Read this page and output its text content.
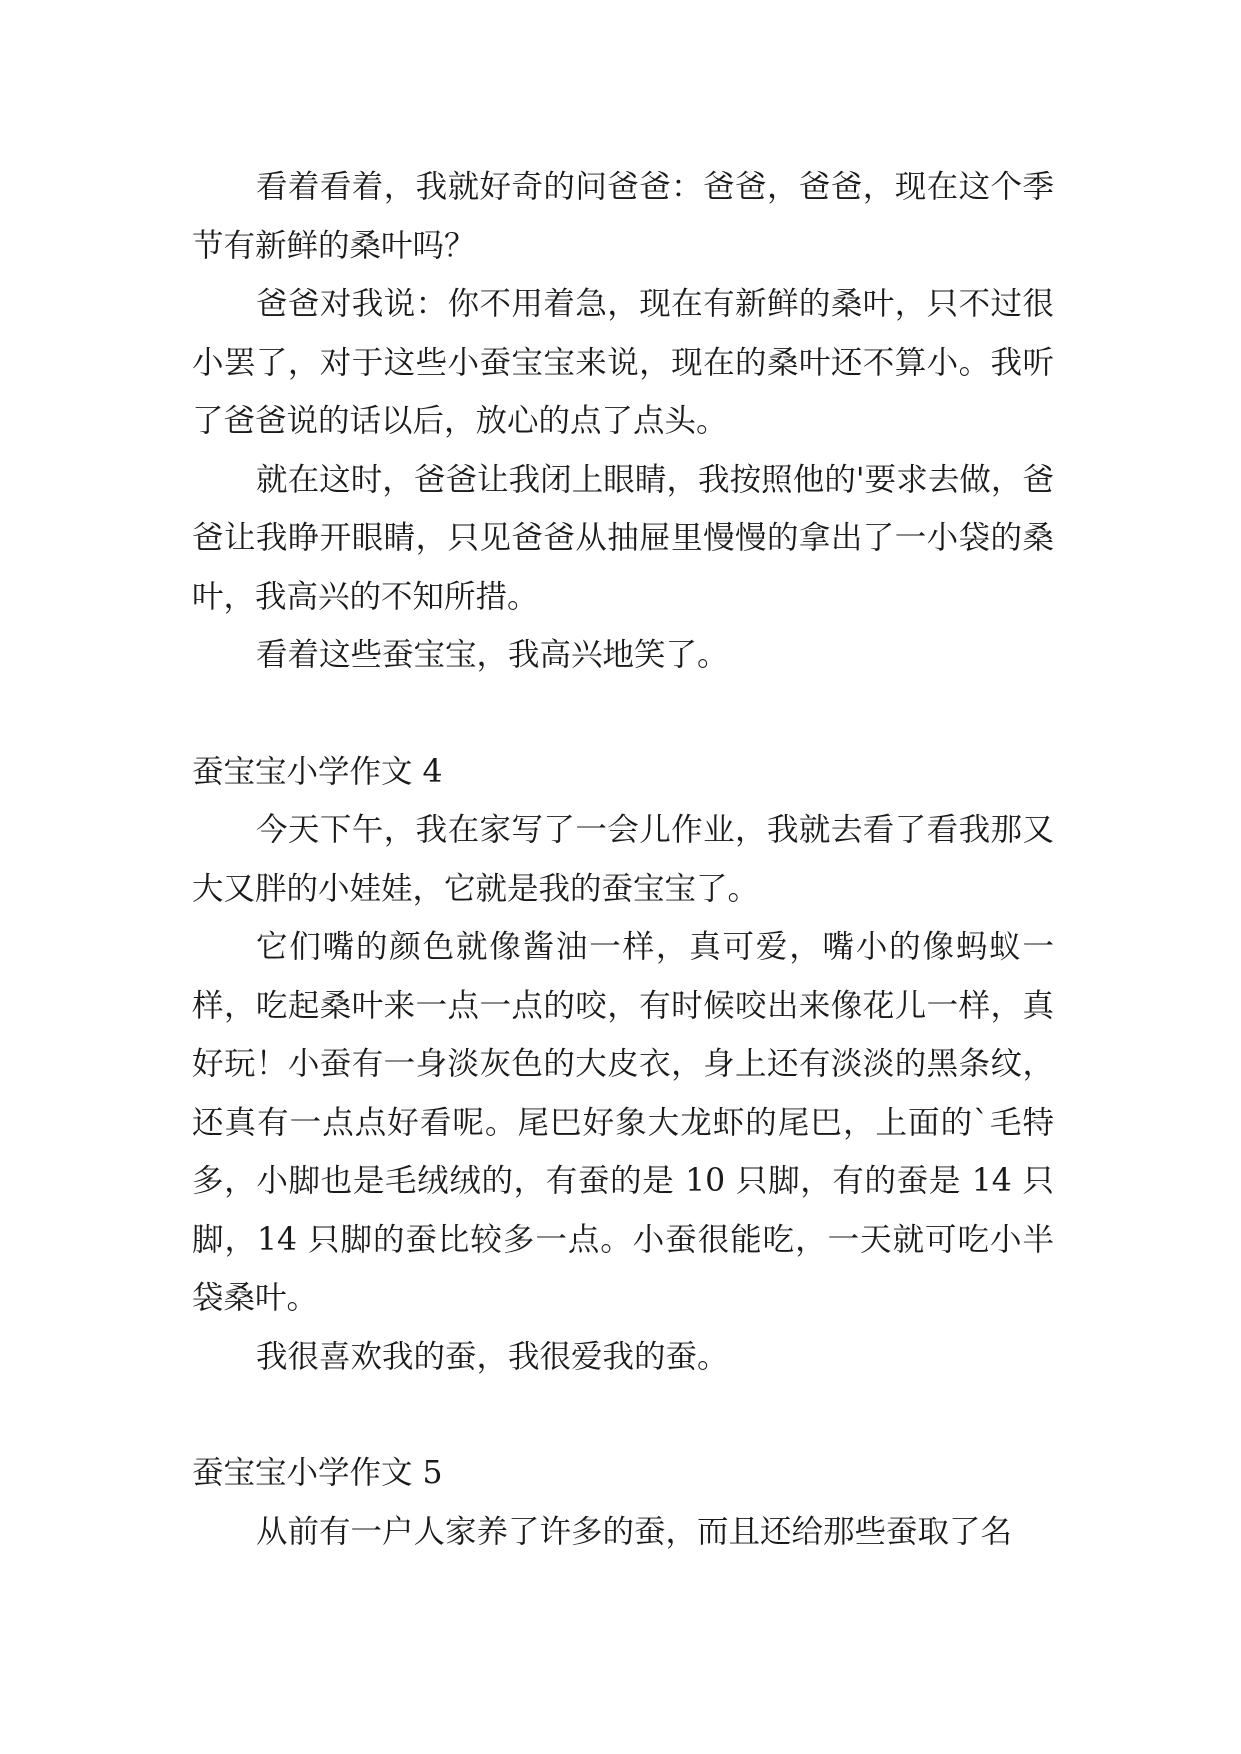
看着看着，我就好奇的问爸爸：爸爸，爸爸，现在这个季节有新鲜的桑叶吗？

爸爸对我说：你不用着急，现在有新鲜的桑叶，只不过很小罢了，对于这些小蚕宝宝来说，现在的桑叶还不算小。我听了爸爸说的话以后，放心的点了点头。

就在这时，爸爸让我闭上眼睛，我按照他的'要求去做，爸爸让我睁开眼睛，只见爸爸从抽屉里慢慢的拿出了一小袋的桑叶，我高兴的不知所措。

看着这些蚕宝宝，我高兴地笑了。

蚕宝宝小学作文 4

今天下午，我在家写了一会儿作业，我就去看了看我那又大又胖的小娃娃，它就是我的蚕宝宝了。

它们嘴的颜色就像酱油一样，真可爱，嘴小的像蚂蚁一样，吃起桑叶来一点一点的咬，有时候咬出来像花儿一样，真好玩！小蚕有一身淡灰色的大皮衣，身上还有淡淡的黑条纹，还真有一点点好看呢。尾巴好象大龙虾的尾巴，上面的`毛特多，小脚也是毛绒绒的，有蚕的是 10 只脚，有的蚕是 14 只脚，14 只脚的蚕比较多一点。小蚕很能吃，一天就可吃小半袋桑叶。

我很喜欢我的蚕，我很爱我的蚕。

蚕宝宝小学作文 5

从前有一户人家养了许多的蚕，而且还给那些蚕取了名
